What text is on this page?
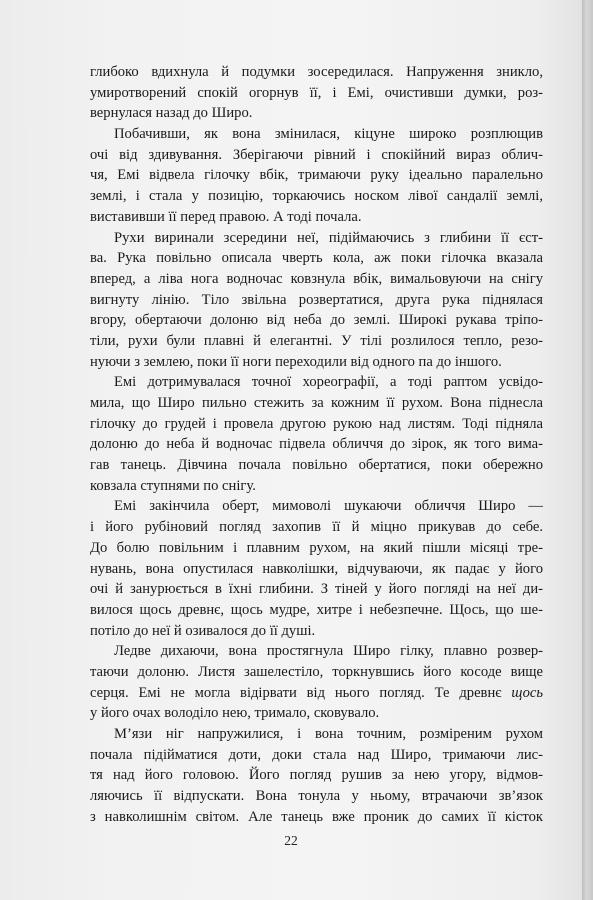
глибоко вдихнула й подумки зосередилася. Напруження зникло,
умиротворений спокій огорнув її, і Емі, очистивши думки, роз-
вернулася назад до Широ.
Побачивши, як вона змінилася, кіцуне широко розплющив
очі від здивування. Зберігаючи рівний і спокійний вираз облич-
чя, Емі відвела гілочку вбік, тримаючи руку ідеально паралельно
землі, і стала у позицію, торкаючись носком лівої сандалії землі,
виставивши її перед правою. А тоді почала.
Рухи виринали зсередини неї, підіймаючись з глибини її єст-
ва. Рука повільно описала чверть кола, аж поки гілочка вказала
вперед, а ліва нога водночас ковзнула вбік, вимальовуючи на снігу
вигнуту лінію. Тіло звільна розвертатися, друга рука піднялася
вгору, обертаючи долоню від неба до землі. Широкі рукава тріпо-
тіли, рухи були плавні й елегантні. У тілі розлилося тепло, резо-
нуючи з землею, поки її ноги переходили від одного па до іншого.
Емі дотримувалася точної хореографії, а тоді раптом усвідо-
мила, що Широ пильно стежить за кожним її рухом. Вона піднесла
гілочку до грудей і провела другою рукою над листям. Тоді підняла
долоню до неба й водночас підвела обличчя до зірок, як того вима-
гав танець. Дівчина почала повільно обертатися, поки обережно
ковзала ступнями по снігу.
Емі закінчила оберт, мимоволі шукаючи обличчя Широ —
і його рубіновий погляд захопив її й міцно прикував до себе.
До болю повільним і плавним рухом, на який пішли місяці тре-
нувань, вона опустилася навколішки, відчуваючи, як падає у його
очі й занурюється в їхні глибини. З тіней у його погляді на неї ди-
вилося щось древнє, щось мудре, хитре і небезпечне. Щось, що ше-
потіло до неї й озивалося до її душі.
Ледве дихаючи, вона простягнула Широ гілку, плавно розвер-
таючи долоню. Листя зашелестіло, торкнувшись його косоде вище
серця. Емі не могла відірвати від нього погляд. Те древнє щось
у його очах володіло нею, тримало, сковувало.
М’язи ніг напружилися, і вона точним, розміреним рухом
почала підійматися доти, доки стала над Широ, тримаючи лис-
тя над його головою. Його погляд рушив за нею угору, відмов-
ляючись її відпускати. Вона тонула у ньому, втрачаючи зв’язок
з навколишнім світом. Але танець вже проник до самих її кісток
22
